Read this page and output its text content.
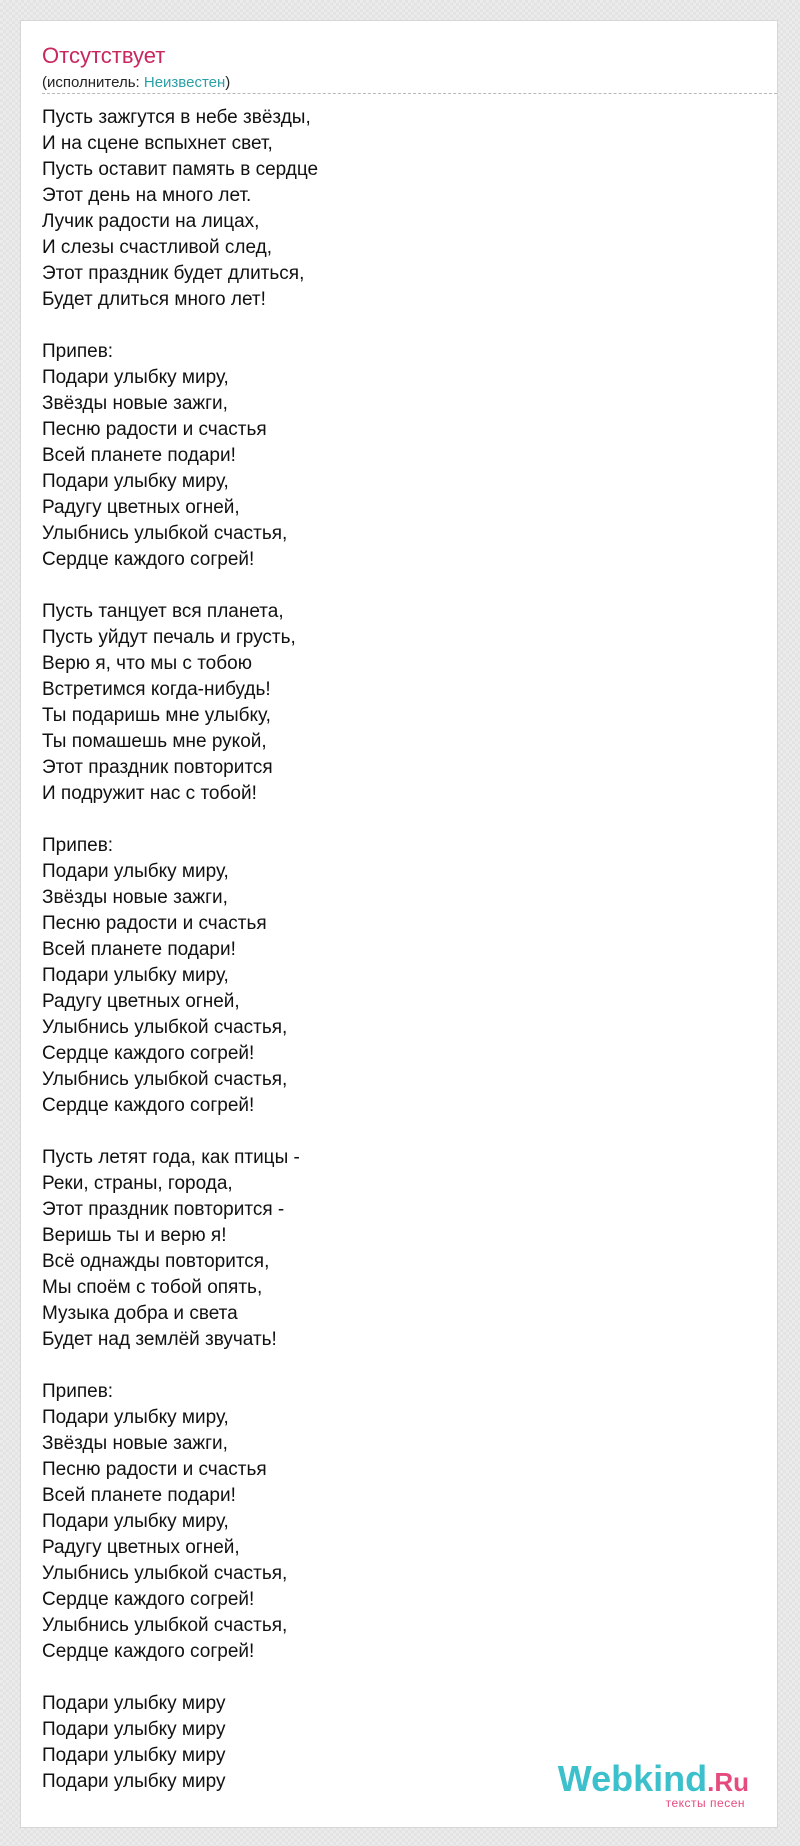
Отсутствует
(исполнитель: Неизвестен)
Пусть зажгутся в небе звёзды,
И на сцене вспыхнет свет,
Пусть оставит память в сердце
Этот день на много лет.
Лучик радости на лицах,
И слезы счастливой след,
Этот праздник будет длиться,
Будет длиться много лет!

Припев:
Подари улыбку миру,
Звёзды новые зажги,
Песню радости и счастья
Всей планете подари!
Подари улыбку миру,
Радугу цветных огней,
Улыбнись улыбкой счастья,
Сердце каждого согрей!

Пусть танцует вся планета,
Пусть уйдут печаль и грусть,
Верю я, что мы с тобою
Встретимся когда-нибудь!
Ты подаришь мне улыбку,
Ты помашешь мне рукой,
Этот праздник повторится
И подружит нас с тобой!

Припев:
Подари улыбку миру,
Звёзды новые зажги,
Песню радости и счастья
Всей планете подари!
Подари улыбку миру,
Радугу цветных огней,
Улыбнись улыбкой счастья,
Сердце каждого согрей!
Улыбнись улыбкой счастья,
Сердце каждого согрей!

Пусть летят года, как птицы -
Реки, страны, города,
Этот праздник повторится -
Веришь ты и верю я!
Всё однажды повторится,
Мы споём с тобой опять,
Музыка добра и света
Будет над землёй звучать!

Припев:
Подари улыбку миру,
Звёзды новые зажги,
Песню радости и счастья
Всей планете подари!
Подари улыбку миру,
Радугу цветных огней,
Улыбнись улыбкой счастья,
Сердце каждого согрей!
Улыбнись улыбкой счастья,
Сердце каждого согрей!

Подари улыбку миру
Подари улыбку миру
Подари улыбку миру
Подари улыбку миру	Webkind.Ru
тексты песен
